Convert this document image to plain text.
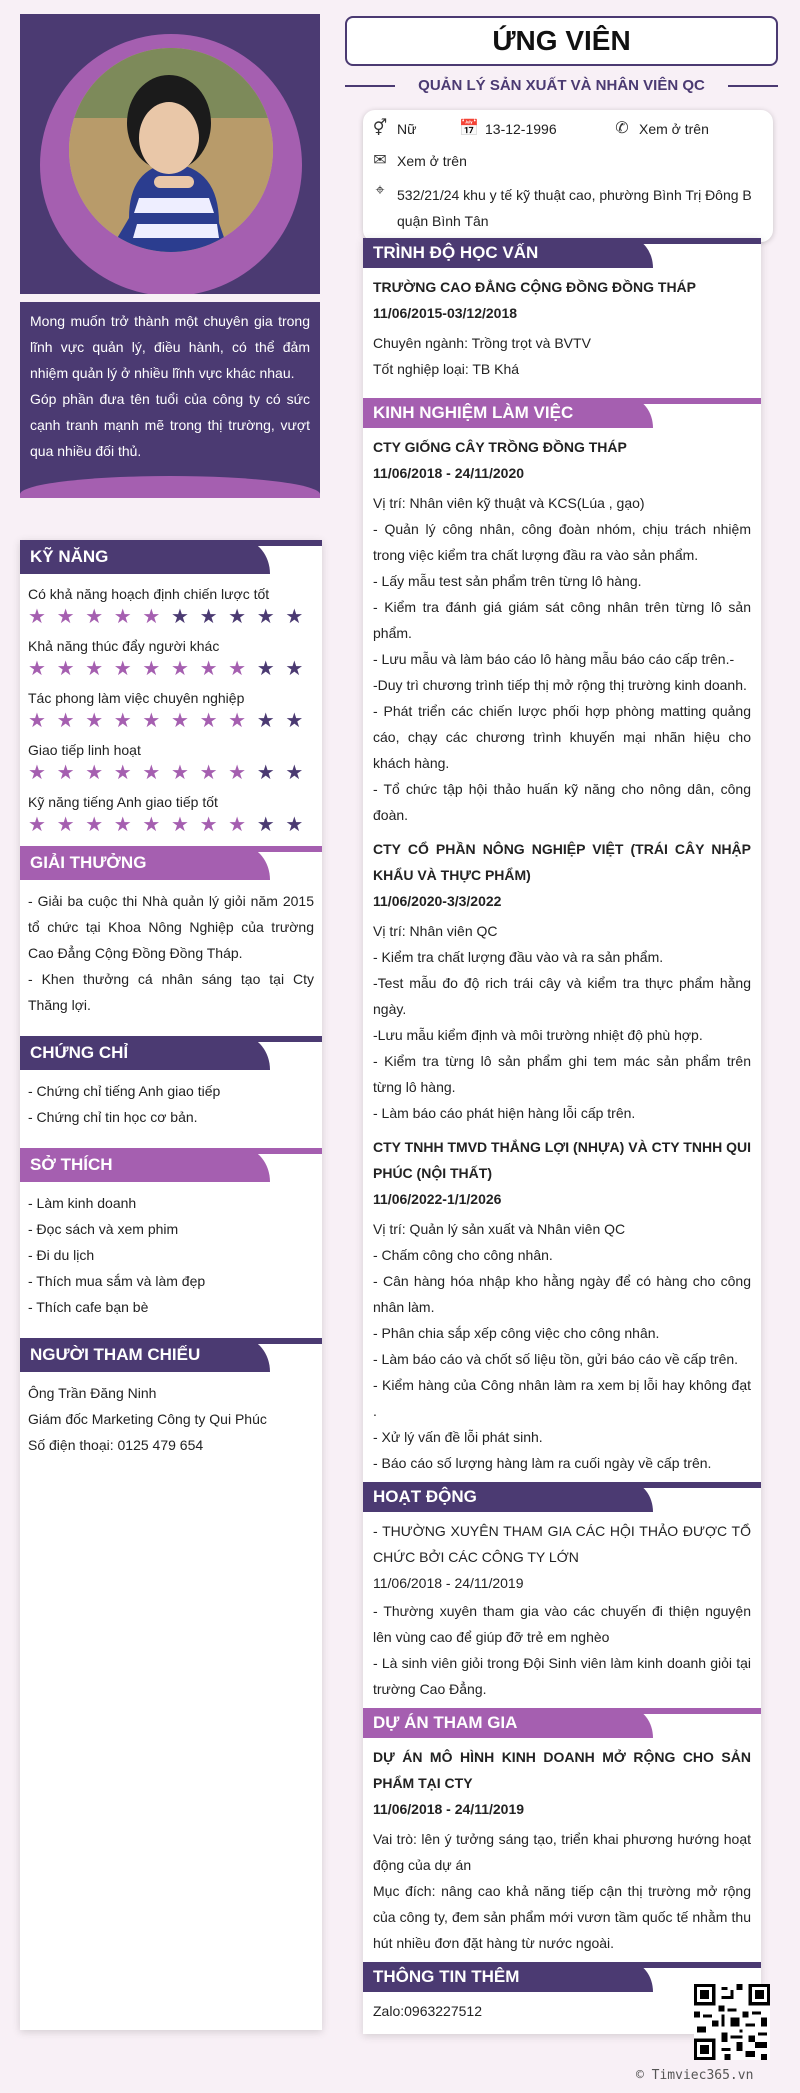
Mong muốn trở thành một chuyên gia trong lĩnh vực quản lý, điều hành, có thể đảm nhiệm quản lý ở nhiều lĩnh vực khác nhau.

Góp phần đưa tên tuổi của công ty có sức cạnh tranh mạnh mẽ trong thị trường, vượt qua nhiều đối thủ.

KỸ NĂNG

Có khả năng hoạch định chiến lược tốt

★ ★ ★ ★ ★ ★ ★ ★ ★ ★

Khả năng thúc đẩy người khác

★ ★ ★ ★ ★ ★ ★ ★ ★ ★

Tác phong làm việc chuyên nghiệp

★ ★ ★ ★ ★ ★ ★ ★ ★ ★

Giao tiếp linh hoạt

★ ★ ★ ★ ★ ★ ★ ★ ★ ★

Kỹ năng tiếng Anh giao tiếp tốt

★ ★ ★ ★ ★ ★ ★ ★ ★ ★
GIẢI THƯỞNG

- Giải ba cuộc thi Nhà quản lý giỏi năm 2015 tổ chức tại Khoa Nông Nghiệp của trường Cao Đẳng Cộng Đồng Đồng Tháp.

- Khen thưởng cá nhân sáng tạo tại Cty Thăng lợi.

CHỨNG CHỈ

- Chứng chỉ tiếng Anh giao tiếp

- Chứng chỉ tin học cơ bản.

SỞ THÍCH

- Làm kinh doanh

- Đọc sách và xem phim

- Đi du lịch

- Thích mua sắm và làm đẹp

- Thích cafe bạn bè

NGƯỜI THAM CHIẾU

Ông Trần Đăng Ninh

Giám đốc Marketing Công ty Qui Phúc

Số điện thoại: 0125 479 654

ỨNG VIÊN
QUẢN LÝ SẢN XUẤT VÀ NHÂN VIÊN QC
⚥ Nữ	📅 13-12-1996	✆ Xem ở trên
✉ Xem ở trên
⌖ 532/21/24 khu y tế kỹ thuật cao, phường Bình Trị Đông B
quận Bình Tân
TRÌNH ĐỘ HỌC VẤN

TRƯỜNG CAO ĐẲNG CỘNG ĐỒNG ĐỒNG THÁP

11/06/2015-03/12/2018

Chuyên ngành: Trồng trọt và BVTV

Tốt nghiệp loại: TB Khá

KINH NGHIỆM LÀM VIỆC

CTY GIỐNG CÂY TRỒNG ĐỒNG THÁP

11/06/2018 - 24/11/2020

Vị trí: Nhân viên kỹ thuật và KCS(Lúa , gạo)

- Quản lý công nhân, công đoàn nhóm, chịu trách nhiệm trong việc kiểm tra chất lượng đầu ra vào sản phẩm.

- Lấy mẫu test sản phẩm trên từng lô hàng.

- Kiểm tra đánh giá giám sát công nhân trên từng lô sản phẩm.

- Lưu mẫu và làm báo cáo lô hàng mẫu báo cáo cấp trên.-

-Duy trì chương trình tiếp thị mở rộng thị trường kinh doanh.

- Phát triển các chiến lược phối hợp phòng matting quảng cáo, chạy các chương trình khuyến mại nhãn hiệu cho khách hàng.

- Tổ chức tập hội thảo huấn kỹ năng cho nông dân, công đoàn.

CTY CỔ PHẦN NÔNG NGHIỆP VIỆT (TRÁI CÂY NHẬP KHẨU VÀ THỰC PHẨM)

11/06/2020-3/3/2022

Vị trí: Nhân viên QC

- Kiểm tra chất lượng đầu vào và ra sản phẩm.

-Test mẫu đo độ rich trái cây và kiểm tra thực phẩm hằng ngày.

-Lưu mẫu kiểm định và môi trường nhiệt độ phù hợp.

- Kiểm tra từng lô sản phẩm ghi tem mác sản phẩm trên từng lô hàng.

- Làm báo cáo phát hiện hàng lỗi cấp trên.

CTY TNHH TMVD THẮNG LỢI (NHỰA) VÀ CTY TNHH QUI PHÚC (NỘI THẤT)

11/06/2022-1/1/2026

Vị trí: Quản lý sản xuất và Nhân viên QC

- Chấm công cho công nhân.

- Cân hàng hóa nhập kho hằng ngày để có hàng cho công nhân làm.

- Phân chia sắp xếp công việc cho công nhân.

- Làm báo cáo và chốt số liệu tồn, gửi báo cáo về cấp trên.

- Kiểm hàng của Công nhân làm ra xem bị lỗi hay không đạt .

- Xử lý vấn đề lỗi phát sinh.

- Báo cáo số lượng hàng làm ra cuối ngày về cấp trên.

HOẠT ĐỘNG

- THƯỜNG XUYÊN THAM GIA CÁC HỘI THẢO ĐƯỢC TỔ CHỨC BỞI CÁC CÔNG TY LỚN

11/06/2018 - 24/11/2019

- Thường xuyên tham gia vào các chuyến đi thiện nguyện lên vùng cao để giúp đỡ trẻ em nghèo

- Là sinh viên giỏi trong Đội Sinh viên làm kinh doanh giỏi tại trường Cao Đẳng.

DỰ ÁN THAM GIA

DỰ ÁN MÔ HÌNH KINH DOANH MỞ RỘNG CHO SẢN PHẨM TẠI CTY

11/06/2018 - 24/11/2019

Vai trò: lên ý tưởng sáng tạo, triển khai phương hướng hoạt động của dự án

Mục đích: nâng cao khả năng tiếp cận thị trường mở rộng của công ty, đem sản phẩm mới vươn tầm quốc tế nhằm thu hút nhiều đơn đặt hàng từ nước ngoài.

THÔNG TIN THÊM

Zalo:0963227512

© Timviec365.vn
